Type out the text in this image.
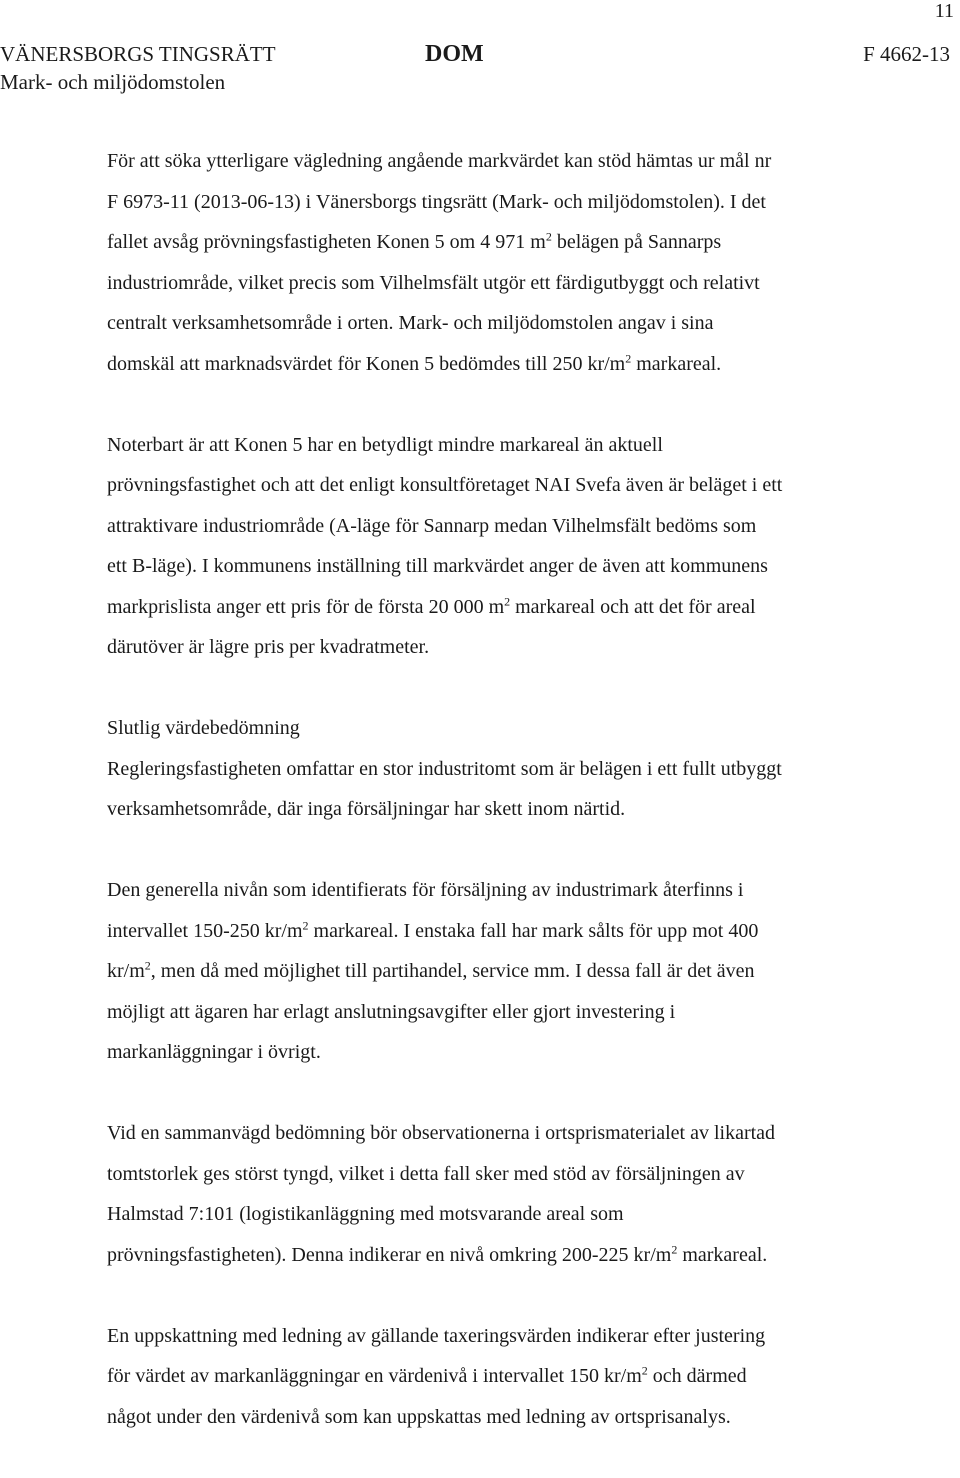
11
VÄNERSBORGS TINGSRÄTT
Mark- och miljödomstolen
DOM	F 4662-13

För att söka ytterligare vägledning angående markvärdet kan stöd hämtas ur mål nr
F 6973-11 (2013-06-13) i Vänersborgs tingsrätt (Mark- och miljödomstolen). I det
fallet avsåg prövningsfastigheten Konen 5 om 4 971 $m^2$ belägen på Sannarps
industriområde, vilket precis som Vilhelmsfält utgör ett färdigutbyggt och relativt
centralt verksamhetsområde i orten. Mark- och miljödomstolen angav i sina
domskäl att marknadsvärdet för Konen 5 bedömdes till 250 $kr/m^2$ markareal.

Noterbart är att Konen 5 har en betydligt mindre markareal än aktuell
prövningsfastighet och att det enligt konsultföretaget NAI Svefa även är beläget i ett
attraktivare industriområde (A-läge för Sannarp medan Vilhelmsfält bedöms som
ett B-läge). I kommunens inställning till markvärdet anger de även att kommunens
markprislista anger ett pris för de första 20 000 $m^2$ markareal och att det för areal
därutöver är lägre pris per kvadratmeter.

Slutlig värdebedömning

Regleringsfastigheten omfattar en stor industritomt som är belägen i ett fullt utbyggt
verksamhetsområde, där inga försäljningar har skett inom närtid.

Den generella nivån som identifierats för försäljning av industrimark återfinns i
intervallet 150-250 $kr/m^2$ markareal. I enstaka fall har mark sålts för upp mot 400
$kr/m^2$, men då med möjlighet till partihandel, service mm. I dessa fall är det även
möjligt att ägaren har erlagt anslutningsavgifter eller gjort investering i
markanläggningar i övrigt.

Vid en sammanvägd bedömning bör observationerna i ortsprismaterialet av likartad
tomtstorlek ges störst tyngd, vilket i detta fall sker med stöd av försäljningen av
Halmstad 7:101 (logistikanläggning med motsvarande areal som
prövningsfastigheten). Denna indikerar en nivå omkring 200-225 $kr/m^2$ markareal.

En uppskattning med ledning av gällande taxeringsvärden indikerar efter justering
för värdet av markanläggningar en värdenivå i intervallet 150 $kr/m^2$ och därmed
något under den värdenivå som kan uppskattas med ledning av ortsprisanalys.
